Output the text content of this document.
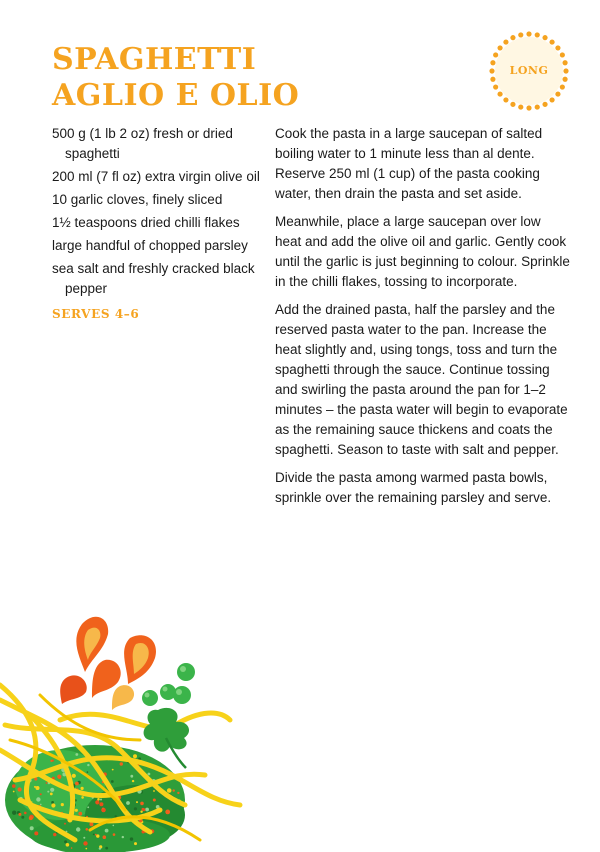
SPAGHETTI
AGLIO E OLIO
LONG
500 g (1 lb 2 oz) fresh or dried spaghetti
200 ml (7 fl oz) extra virgin olive oil
10 garlic cloves, finely sliced
1½ teaspoons dried chilli flakes
large handful of chopped parsley
sea salt and freshly cracked black pepper
SERVES 4–6

Cook the pasta in a large saucepan of salted boiling water to 1 minute less than al dente. Reserve 250 ml (1 cup) of the pasta cooking water, then drain the pasta and set aside.

Meanwhile, place a large saucepan over low heat and add the olive oil and garlic. Gently cook until the garlic is just beginning to colour. Sprinkle in the chilli flakes, tossing to incorporate.

Add the drained pasta, half the parsley and the reserved pasta water to the pan. Increase the heat slightly and, using tongs, toss and turn the spaghetti through the sauce. Continue tossing and swirling the pasta around the pan for 1–2 minutes – the pasta water will begin to evaporate as the remaining sauce thickens and coats the spaghetti. Season to taste with salt and pepper.

Divide the pasta among warmed pasta bowls, sprinkle over the remaining parsley and serve.
